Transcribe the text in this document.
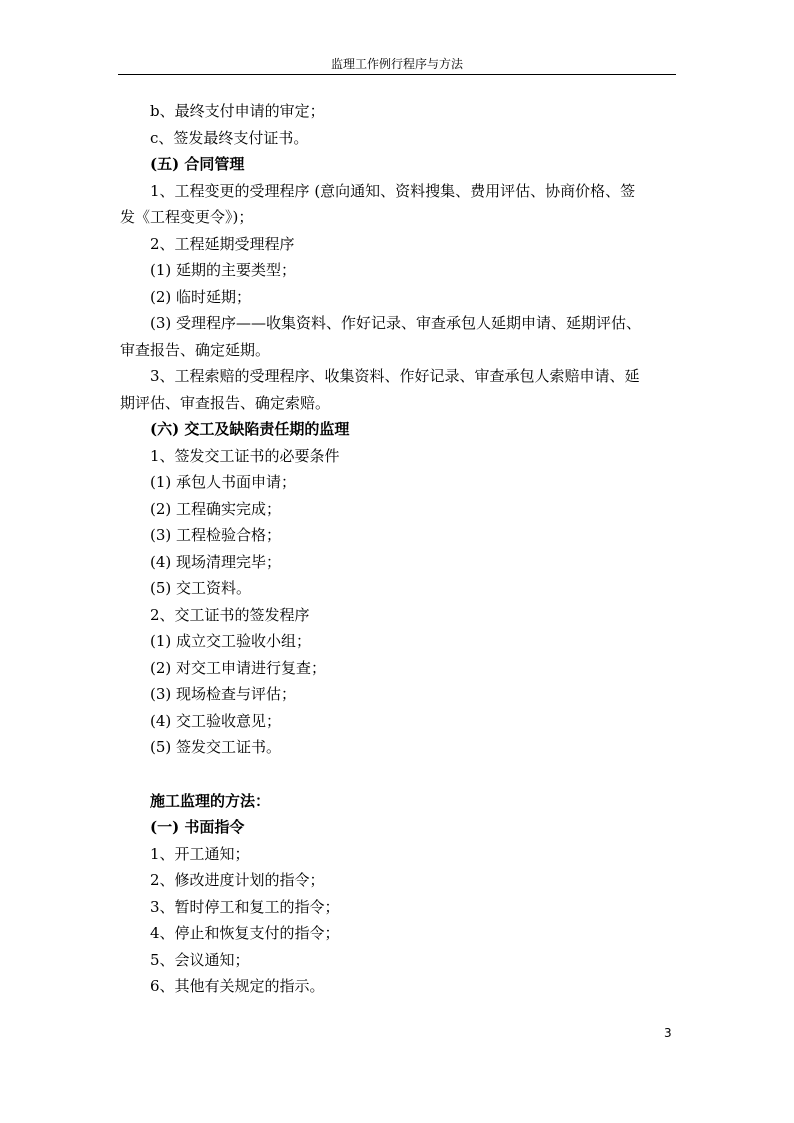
监理工作例行程序与方法
b、最终支付申请的审定；
c、签发最终支付证书。
(五) 合同管理
1、工程变更的受理程序 (意向通知、资料搜集、费用评估、协商价格、签
发《工程变更令》)；
2、工程延期受理程序
(1) 延期的主要类型；
(2) 临时延期；
(3) 受理程序——收集资料、作好记录、审查承包人延期申请、延期评估、
审查报告、确定延期。
3、工程索赔的受理程序、收集资料、作好记录、审查承包人索赔申请、延
期评估、审查报告、确定索赔。
(六) 交工及缺陷责任期的监理
1、签发交工证书的必要条件
(1) 承包人书面申请；
(2) 工程确实完成；
(3) 工程检验合格；
(4) 现场清理完毕；
(5) 交工资料。
2、交工证书的签发程序
(1) 成立交工验收小组；
(2) 对交工申请进行复查；
(3) 现场检查与评估；
(4) 交工验收意见；
(5) 签发交工证书。
施工监理的方法：
(一) 书面指令
1、开工通知；
2、修改进度计划的指令；
3、暂时停工和复工的指令；
4、停止和恢复支付的指令；
5、会议通知；
6、其他有关规定的指示。
3
